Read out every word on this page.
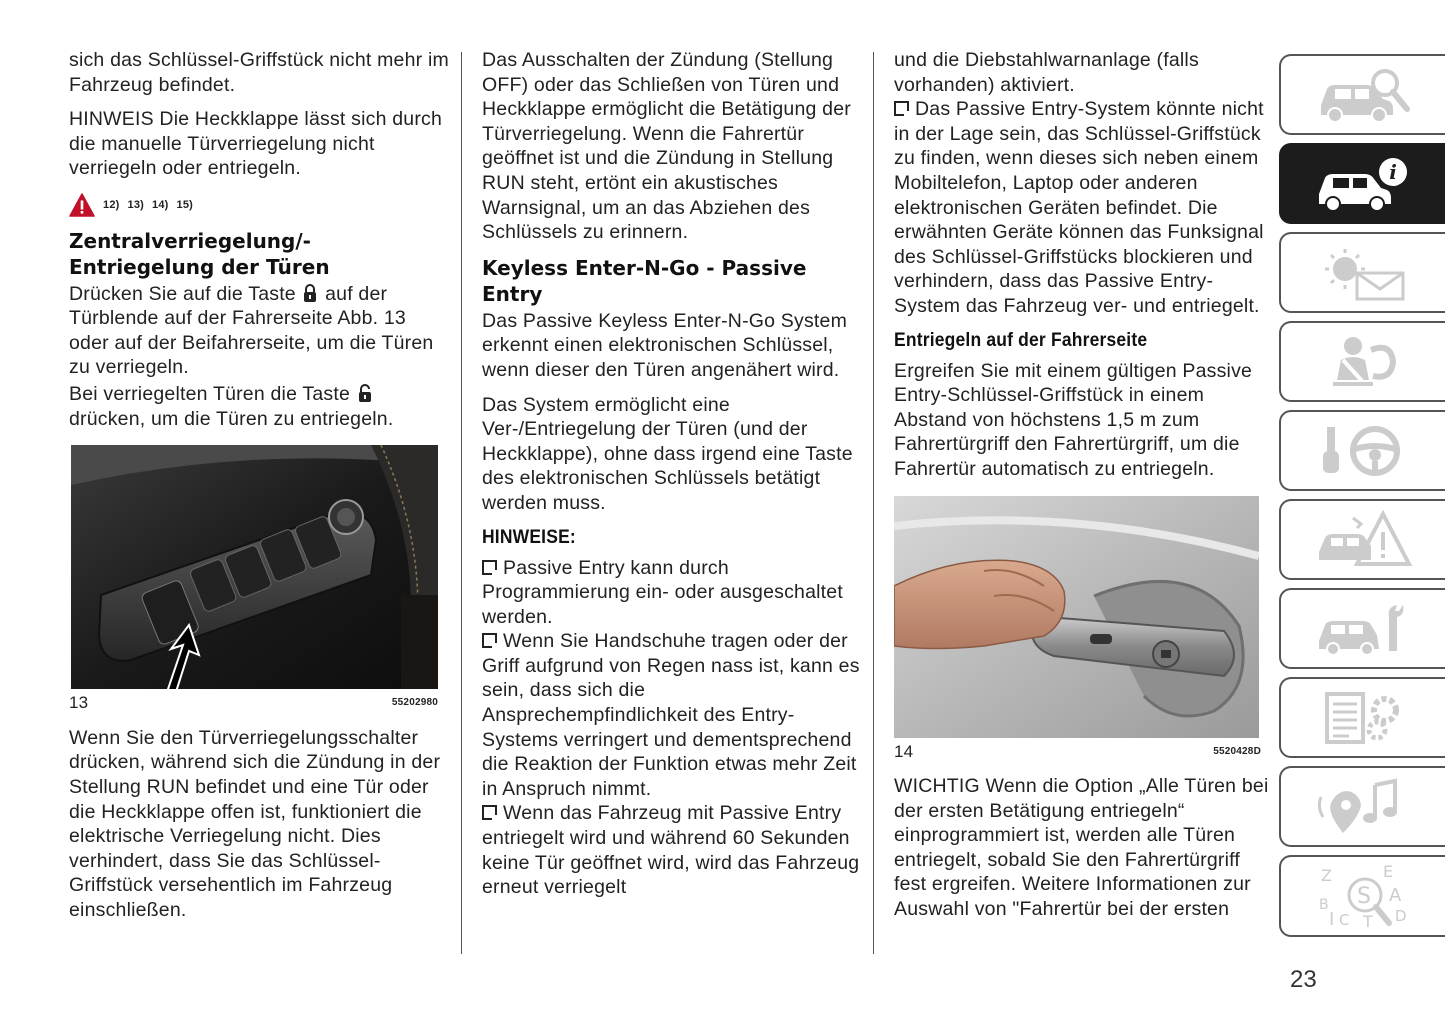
sich das Schlüssel-Griffstück nicht mehr im Fahrzeug befindet.

HINWEIS Die Heckklappe lässt sich durch die manuelle Türverriegelung nicht verriegeln oder entriegeln.

12) 13) 14) 15)
Zentralverriegelung/-Entriegelung der Türen

Drücken Sie auf die Taste auf der Türblende auf der Fahrerseite Abb. 13 oder auf der Beifahrerseite, um die Türen zu verriegeln.

Bei verriegelten Türen die Taste  drücken, um die Türen zu entriegeln.

13	55202980

Wenn Sie den Türverriegelungsschalter drücken, während sich die Zündung in der Stellung RUN befindet und eine Tür oder die Heckklappe offen ist, funktioniert die elektrische Verriegelung nicht. Dies verhindert, dass Sie das Schlüssel-Griffstück versehentlich im Fahrzeug einschließen.

Das Ausschalten der Zündung (Stellung OFF) oder das Schließen von Türen und Heckklappe ermöglicht die Betätigung der Türverriegelung. Wenn die Fahrertür geöffnet ist und die Zündung in Stellung RUN steht, ertönt ein akustisches Warnsignal, um an das Abziehen des Schlüssels zu erinnern.

Keyless Enter-N-Go - Passive Entry

Das Passive Keyless Enter-N-Go System erkennt einen elektronischen Schlüssel, wenn dieser den Türen angenähert wird.

Das System ermöglicht eine Ver-/Entriegelung der Türen (und der Heckklappe), ohne dass irgend eine Taste des elektronischen Schlüssels betätigt werden muss.

HINWEISE:
Passive Entry kann durch Programmierung ein- oder ausgeschaltet werden.
Wenn Sie Handschuhe tragen oder der Griff aufgrund von Regen nass ist, kann es sein, dass sich die Ansprechempfindlichkeit des Entry-Systems verringert und dementsprechend die Reaktion der Funktion etwas mehr Zeit in Anspruch nimmt.
Wenn das Fahrzeug mit Passive Entry entriegelt wird und während 60 Sekunden keine Tür geöffnet wird, wird das Fahrzeug erneut verriegelt

und die Diebstahlwarnanlage (falls vorhanden) aktiviert.

Das Passive Entry-System könnte nicht in der Lage sein, das Schlüssel-Griffstück zu finden, wenn dieses sich neben einem Mobiltelefon, Laptop oder anderen elektronischen Geräten befindet. Die erwähnten Geräte können das Funksignal des Schlüssel-Griffstücks blockieren und verhindern, dass das Passive Entry-System das Fahrzeug ver- und entriegelt.
Entriegeln auf der Fahrerseite

Ergreifen Sie mit einem gültigen Passive Entry-Schlüssel-Griffstück in einem Abstand von höchstens 1,5 m zum Fahrertürgriff den Fahrertürgriff, um die Fahrertür automatisch zu entriegeln.

14	5520428D

WICHTIG Wenn die Option „Alle Türen bei der ersten Betätigung entriegeln“ einprogrammiert ist, werden alle Türen entriegelt, sobald Sie den Fahrertürgriff fest ergreifen. Weitere Informationen zur Auswahl von "Fahrertür bei der ersten

i
Z	E
S A
B
C	D
I T
23
